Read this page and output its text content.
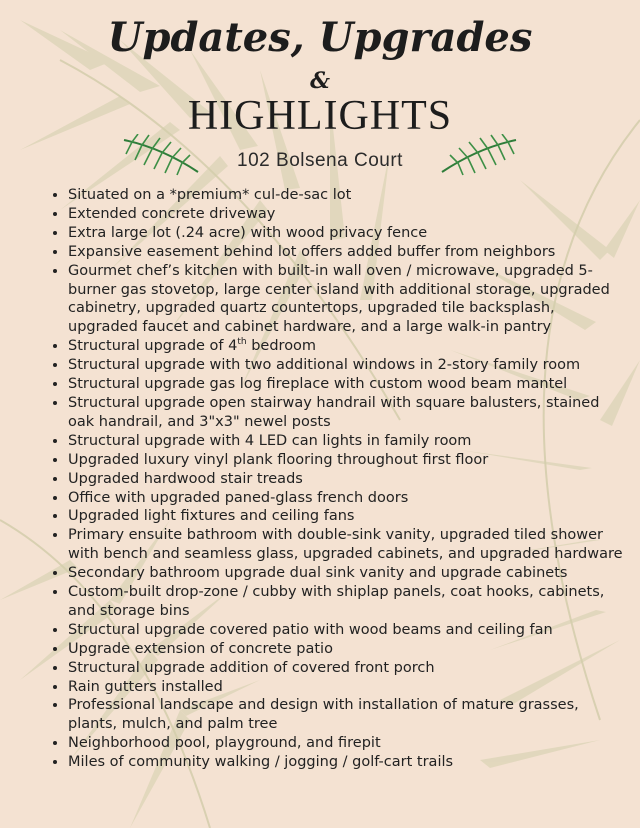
Updates, Upgrades
&
HIGHLIGHTS
102 Bolsena Court
• Situated on a *premium* cul-de-sac lot
• Extended concrete driveway
• Extra large lot (.24 acre) with wood privacy fence
• Expansive easement behind lot offers added buffer from neighbors
• Gourmet chef’s kitchen with built-in wall oven / microwave, upgraded 5-burner gas stovetop, large center island with additional storage, upgraded cabinetry, upgraded quartz countertops, upgraded tile backsplash, upgraded faucet and cabinet hardware, and a large walk-in pantry
• Structural upgrade of 4th bedroom
• Structural upgrade with two additional windows in 2-story family room
• Structural upgrade gas log fireplace with custom wood beam mantel
• Structural upgrade open stairway handrail with square balusters, stained oak handrail, and 3"x3" newel posts
• Structural upgrade with 4 LED can lights in family room
• Upgraded luxury vinyl plank flooring throughout first floor
• Upgraded hardwood stair treads
• Office with upgraded paned-glass french doors
• Upgraded light fixtures and ceiling fans
• Primary ensuite bathroom with double-sink vanity, upgraded tiled shower with bench and seamless glass, upgraded cabinets, and upgraded hardware
• Secondary bathroom upgrade dual sink vanity and upgrade cabinets
• Custom-built drop-zone / cubby with shiplap panels, coat hooks, cabinets, and storage bins
• Structural upgrade covered patio with wood beams and ceiling fan
• Upgrade extension of concrete patio
• Structural upgrade addition of covered front porch
• Rain gutters installed
• Professional landscape and design with installation of mature grasses, plants, mulch, and palm tree
• Neighborhood pool, playground, and firepit
• Miles of community walking / jogging / golf-cart trails
